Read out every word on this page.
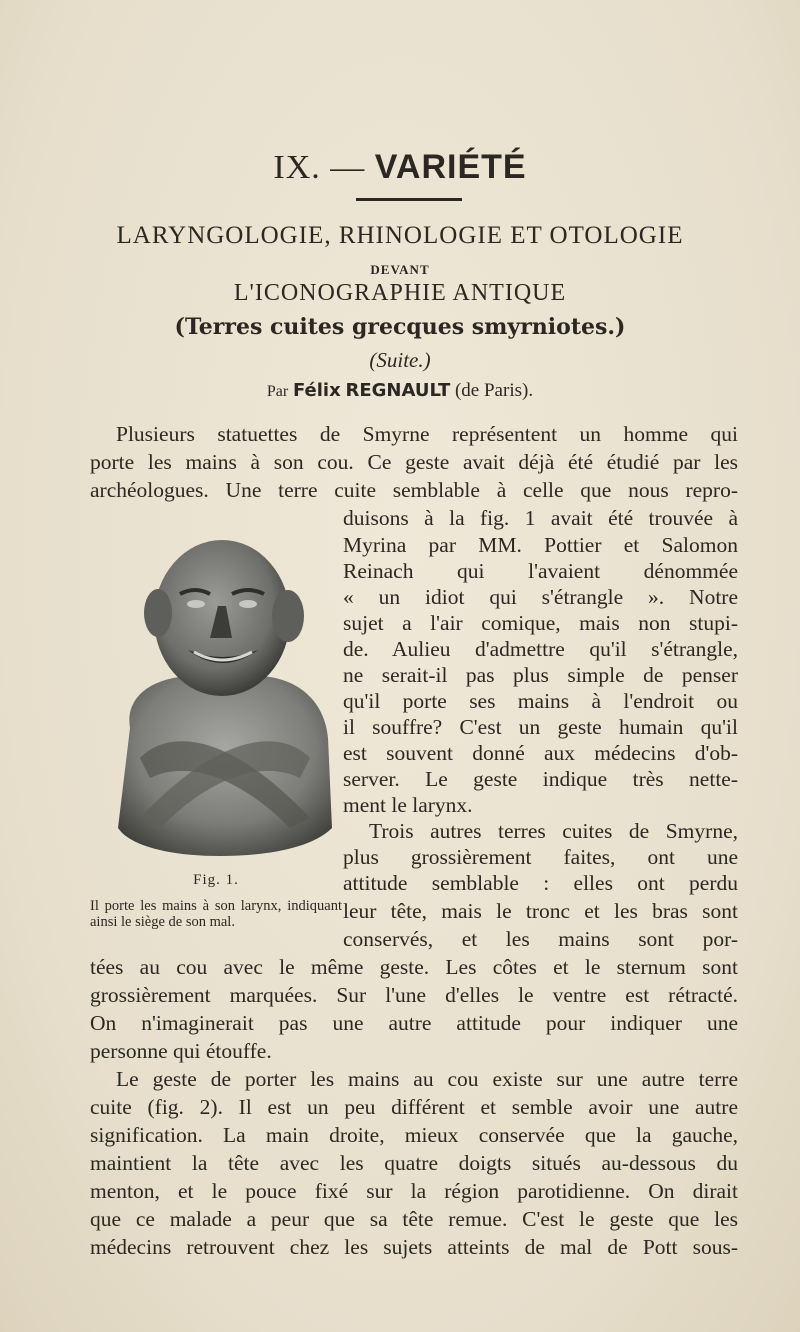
IX. — VARIÉTÉ
LARYNGOLOGIE, RHINOLOGIE ET OTOLOGIE
DEVANT
L'ICONOGRAPHIE ANTIQUE
(Terres cuites grecques smyrniotes.)
(Suite.)
Par Félix REGNAULT (de Paris).
Plusieurs statuettes de Smyrne représentent un homme qui
porte les mains à son cou. Ce geste avait déjà été étudié par les
archéologues. Une terre cuite semblable à celle que nous repro-
duisons à la fig. 1 avait été trouvée à
Myrina par MM. Pottier et Salomon
Reinach qui l'avaient dénommée
« un idiot qui s'étrangle ». Notre
sujet a l'air comique, mais non stupi-
de. Aulieu d'admettre qu'il s'étrangle,
ne serait-il pas plus simple de penser
qu'il porte ses mains à l'endroit ou
il souffre? C'est un geste humain qu'il
est souvent donné aux médecins d'ob-
server. Le geste indique très nette-
ment le larynx.
Trois autres terres cuites de Smyrne,
plus grossièrement faites, ont une
attitude semblable : elles ont perdu
leur tête, mais le tronc et les bras sont
conservés, et les mains sont por-
tées au cou avec le même geste. Les côtes et le sternum sont
grossièrement marquées. Sur l'une d'elles le ventre est rétracté.
On n'imaginerait pas une autre attitude pour indiquer une
personne qui étouffe.
Le geste de porter les mains au cou existe sur une autre terre
cuite (fig. 2). Il est un peu différent et semble avoir une autre
signification. La main droite, mieux conservée que la gauche,
maintient la tête avec les quatre doigts situés au-dessous du
menton, et le pouce fixé sur la région parotidienne. On dirait
que ce malade a peur que sa tête remue. C'est le geste que les
médecins retrouvent chez les sujets atteints de mal de Pott sous-
Fig. 1.
Il porte les mains à son larynx, indiquant ainsi le siège de son mal.
